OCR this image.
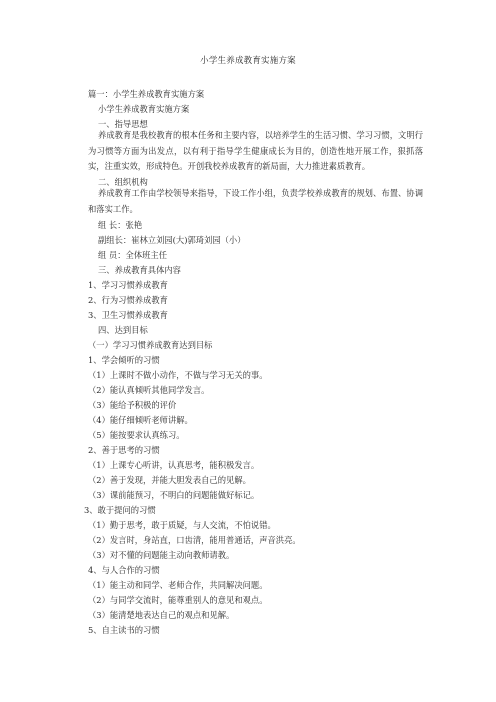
小学生养成教育实施方案
篇一：小学生养成教育实施方案
小学生养成教育实施方案
一、指导思想
养成教育是我校教育的根本任务和主要内容，以培养学生的生活习惯、学习习惯，文明行为习惯等方面为出发点，以有利于指导学生健康成长为目的，创造性地开展工作，狠抓落实，注重实效，形成特色。开创我校养成教育的新局面，大力推进素质教育。
二、组织机构
养成教育工作由学校领导来指导，下设工作小组，负责学校养成教育的规划、布置、协调和落实工作。
组 长：张艳
副组长：崔林立刘园(大)郭琦刘园（小）
组 员：全体班主任
三、养成教育具体内容
1、学习习惯养成教育
2、行为习惯养成教育
3、卫生习惯养成教育
四、达到目标
（一）学习习惯养成教育达到目标
1、学会倾听的习惯
（1）上课时不做小动作，不做与学习无关的事。
（2）能认真倾听其他同学发言。
（3）能给予积极的评价
（4）能仔细倾听老师讲解。
（5）能按要求认真练习。
2、善于思考的习惯
（1）上课专心听讲，认真思考，能积极发言。
（2）善于发现，并能大胆发表自己的见解。
（3）课前能预习，不明白的问题能做好标记。
3、敢于提问的习惯
（1）勤于思考，敢于质疑，与人交流，不怕说错。
（2）发言时，身站直，口齿清，能用普通话，声音洪亮。
（3）对不懂的问题能主动向教师请教。
4、与人合作的习惯
（1）能主动和同学、老师合作，共同解决问题。
（2）与同学交流时，能尊重别人的意见和观点。
（3）能清楚地表达自己的观点和见解。
5、自主读书的习惯
